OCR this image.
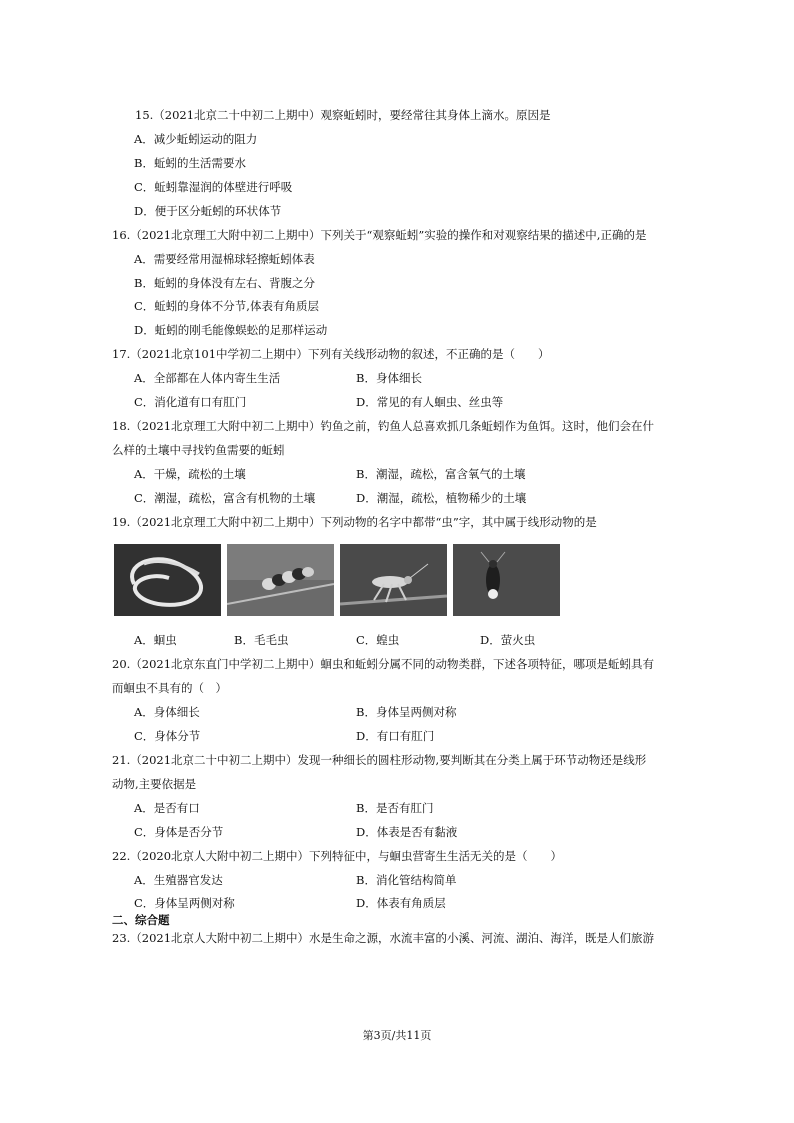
15.（2021北京二十中初二上期中）观察蚯蚓时，要经常往其身体上滴水。原因是
A．减少蚯蚓运动的阻力
B．蚯蚓的生活需要水
C．蚯蚓靠湿润的体壁进行呼吸
D．便于区分蚯蚓的环状体节
16.（2021北京理工大附中初二上期中）下列关于“观察蚯蚓”实验的操作和对观察结果的描述中,正确的是
A．需要经常用湿棉球轻擦蚯蚓体表
B．蚯蚓的身体没有左右、背腹之分
C．蚯蚓的身体不分节,体表有角质层
D．蚯蚓的刚毛能像蜈蚣的足那样运动
17.（2021北京101中学初二上期中）下列有关线形动物的叙述，不正确的是（　　）
A．全部都在人体内寄生生活	B．身体细长
C．消化道有口有肛门	D．常见的有人蛔虫、丝虫等
18.（2021北京理工大附中初二上期中）钓鱼之前，钓鱼人总喜欢抓几条蚯蚓作为鱼饵。这时，他们会在什
么样的土壤中寻找钓鱼需要的蚯蚓
A．干燥，疏松的土壤	B．潮湿，疏松，富含氧气的土壤
C．潮湿，疏松，富含有机物的土壤	D．潮湿，疏松，植物稀少的土壤
19.（2021北京理工大附中初二上期中）下列动物的名字中都带“虫”字，其中属于线形动物的是
A．蛔虫	B．毛毛虫	C．蝗虫	D．萤火虫
20.（2021北京东直门中学初二上期中）蛔虫和蚯蚓分属不同的动物类群，下述各项特征，哪项是蚯蚓具有
而蛔虫不具有的（　）
A．身体细长	B．身体呈两侧对称
C．身体分节	D．有口有肛门
21.（2021北京二十中初二上期中）发现一种细长的圆柱形动物,要判断其在分类上属于环节动物还是线形
动物,主要依据是
A．是否有口	B．是否有肛门
C．身体是否分节	D．体表是否有黏液
22.（2020北京人大附中初二上期中）下列特征中，与蛔虫营寄生生活无关的是（　　）
A．生殖器官发达	B．消化管结构简单
C．身体呈两侧对称	D．体表有角质层
二、综合题
23.（2021北京人大附中初二上期中）水是生命之源，水流丰富的小溪、河流、湖泊、海洋，既是人们旅游
第3页/共11页
